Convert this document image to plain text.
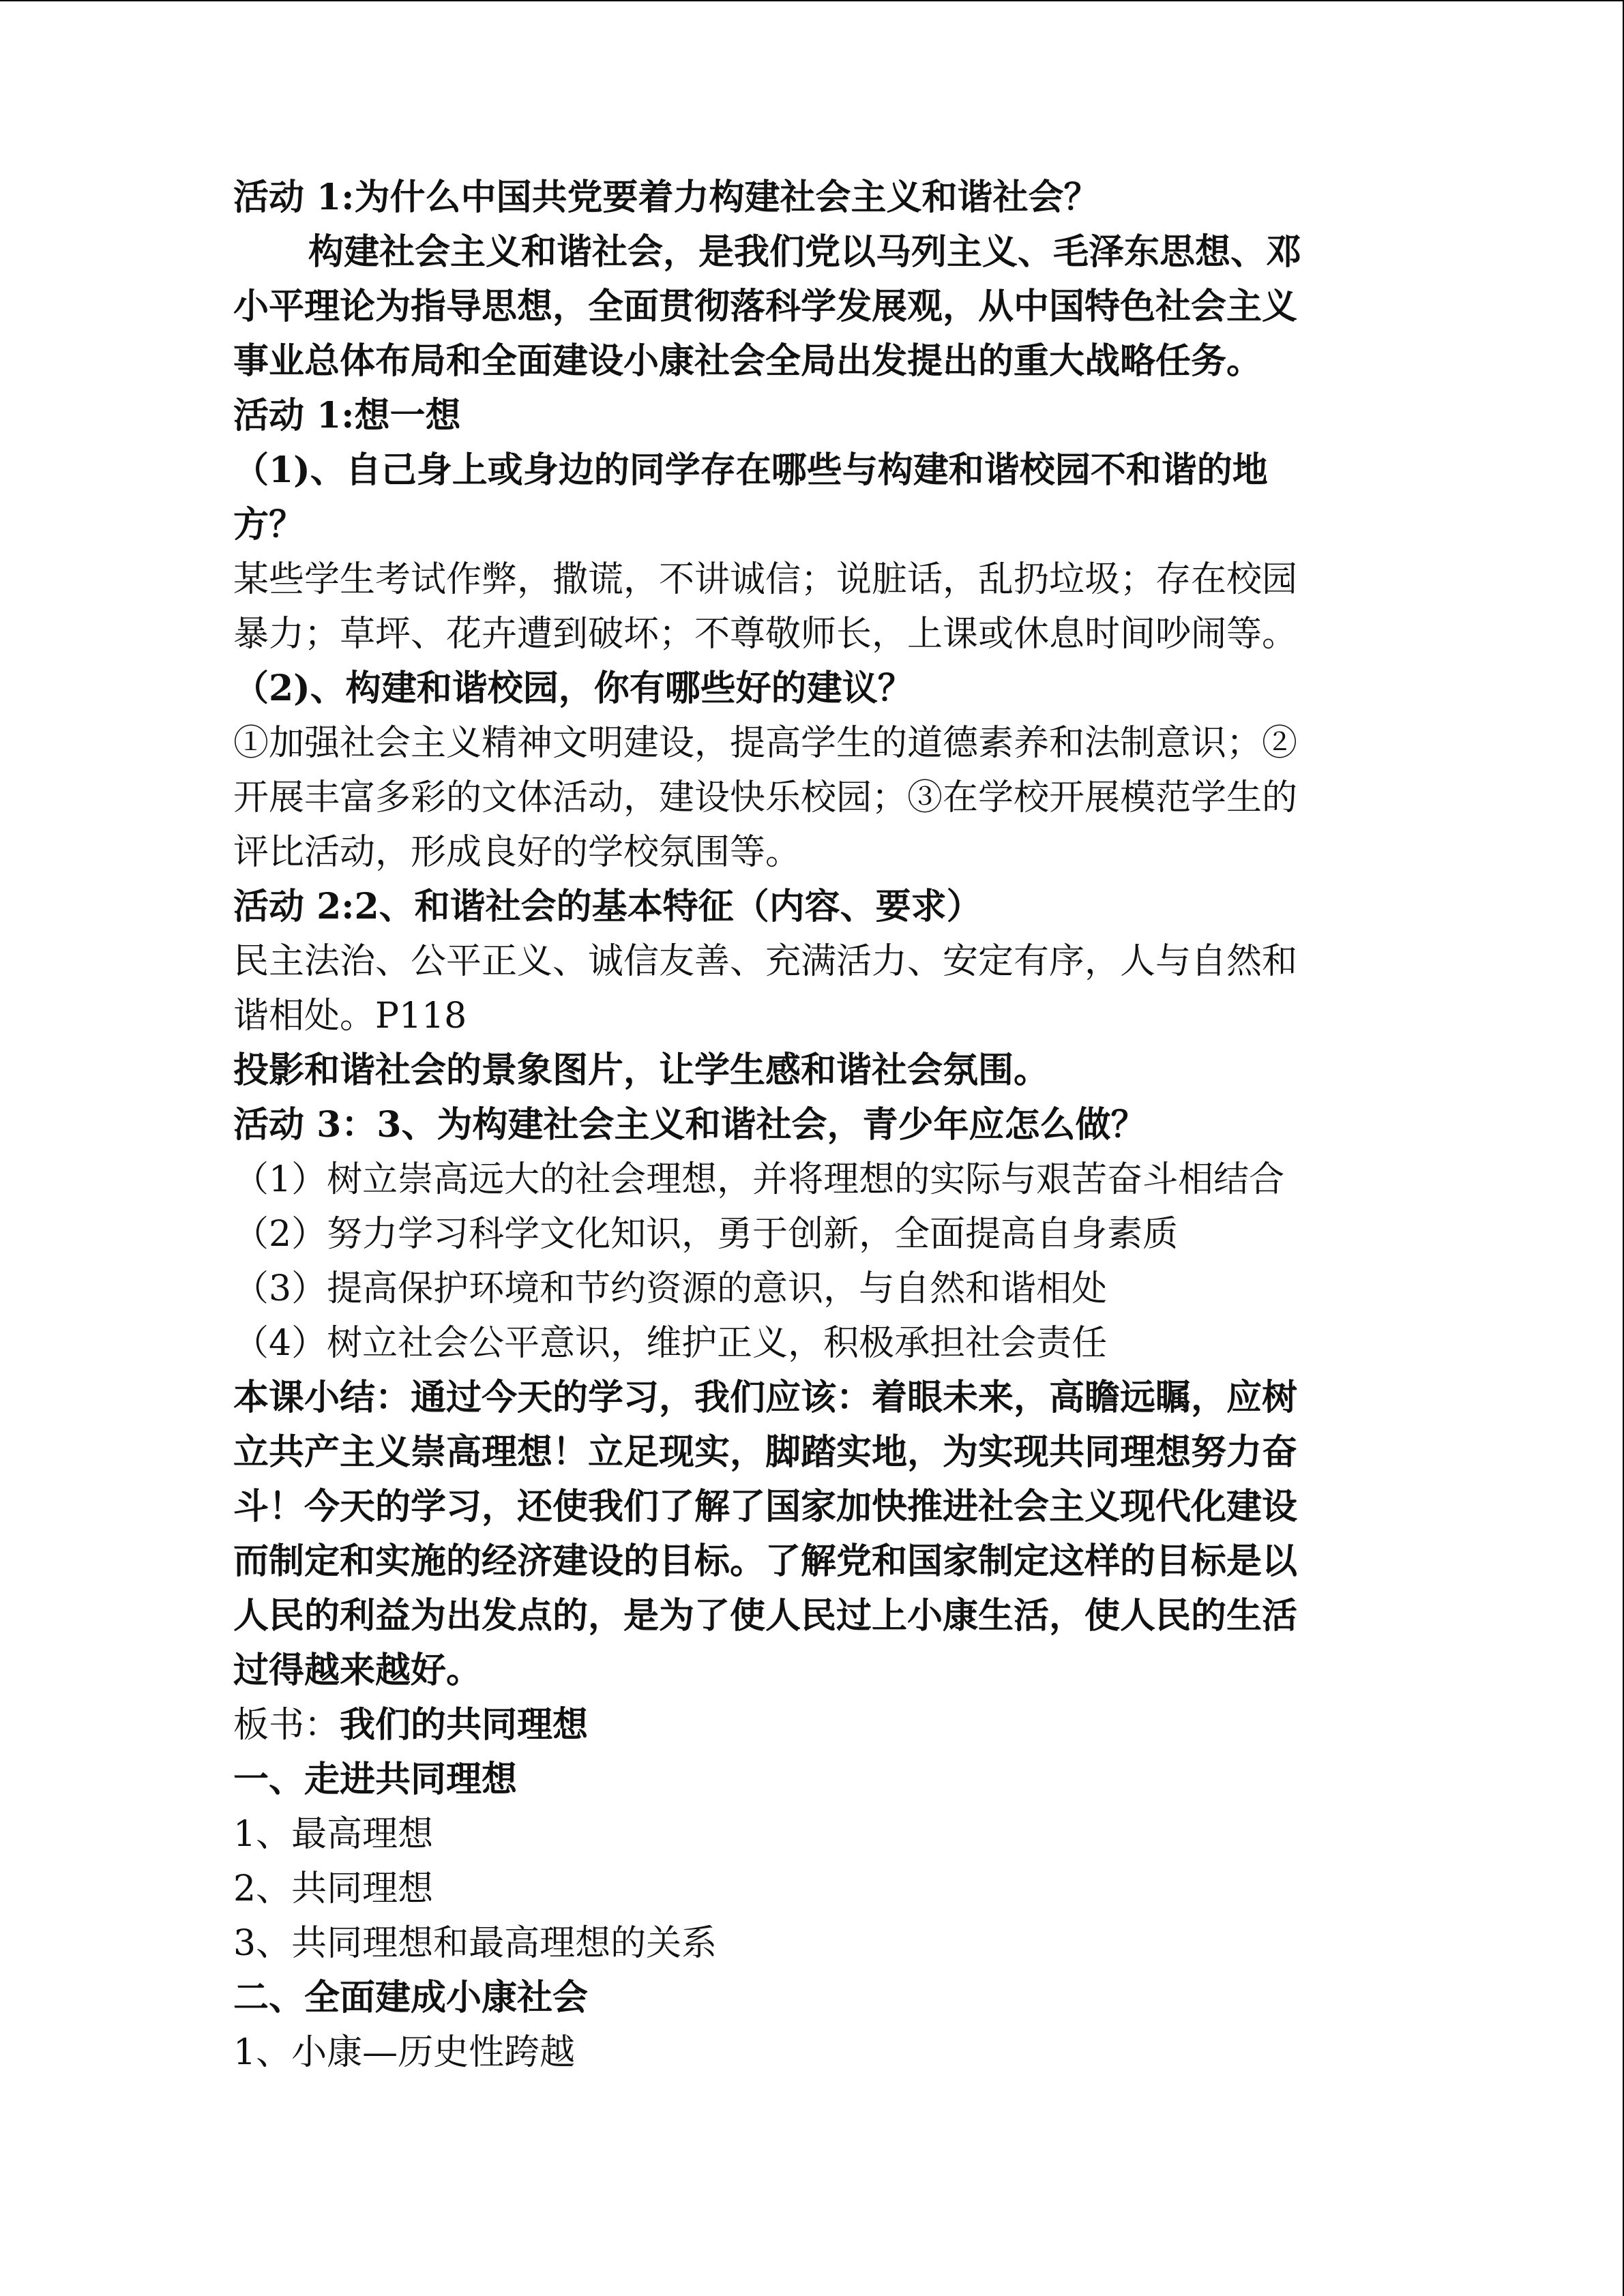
活动 1:为什么中国共党要着力构建社会主义和谐社会？

构建社会主义和谐社会，是我们党以马列主义、毛泽东思想、邓

小平理论为指导思想，全面贯彻落科学发展观，从中国特色社会主义

事业总体布局和全面建设小康社会全局出发提出的重大战略任务。

活动 1:想一想

（1)、自己身上或身边的同学存在哪些与构建和谐校园不和谐的地

方？

某些学生考试作弊，撒谎，不讲诚信；说脏话，乱扔垃圾；存在校园

暴力；草坪、花卉遭到破坏；不尊敬师长，上课或休息时间吵闹等。

（2)、构建和谐校园，你有哪些好的建议？

①加强社会主义精神文明建设，提高学生的道德素养和法制意识；②

开展丰富多彩的文体活动，建设快乐校园；③在学校开展模范学生的

评比活动，形成良好的学校氛围等。

活动 2:2、和谐社会的基本特征（内容、要求）

民主法治、公平正义、诚信友善、充满活力、安定有序，人与自然和

谐相处。P118

投影和谐社会的景象图片，让学生感和谐社会氛围。

活动 3：3、为构建社会主义和谐社会，青少年应怎么做？

（1）树立崇高远大的社会理想，并将理想的实际与艰苦奋斗相结合

（2）努力学习科学文化知识，勇于创新，全面提高自身素质

（3）提高保护环境和节约资源的意识，与自然和谐相处

（4）树立社会公平意识，维护正义，积极承担社会责任

本课小结：通过今天的学习，我们应该：着眼未来，高瞻远瞩，应树

立共产主义崇高理想！立足现实，脚踏实地，为实现共同理想努力奋

斗！今天的学习，还使我们了解了国家加快推进社会主义现代化建设

而制定和实施的经济建设的目标。了解党和国家制定这样的目标是以

人民的利益为出发点的，是为了使人民过上小康生活，使人民的生活

过得越来越好。

板书：我们的共同理想

一、走进共同理想

1、最高理想

2、共同理想

3、共同理想和最高理想的关系

二、全面建成小康社会

1、小康—历史性跨越
